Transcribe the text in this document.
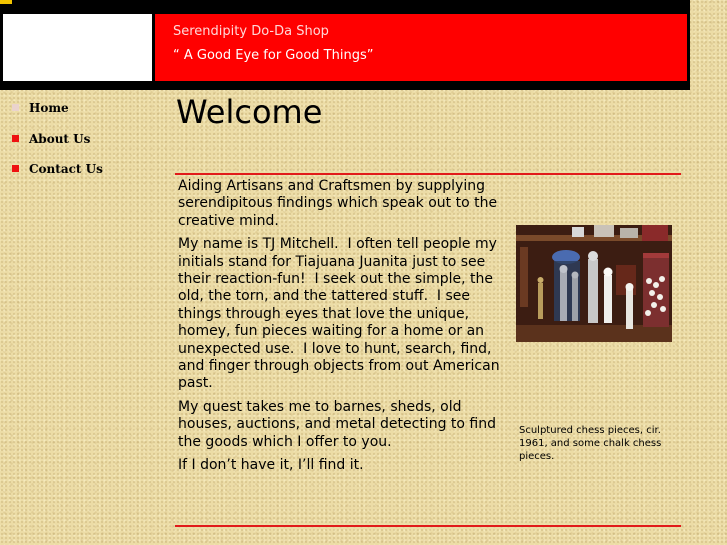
Serendipity Do-Da Shop
“ A Good Eye for Good Things”
Home
About Us
Contact Us
Welcome

Aiding Artisans and Craftsmen by supplying serendipitous findings which speak out to the creative mind.

My name is TJ Mitchell.  I often tell people my initials stand for Tiajuana Juanita just to see their reaction-fun!  I seek out the simple, the old, the torn, and the tattered stuff.  I see things through eyes that love the unique, homey, fun pieces waiting for a home or an unexpected use.  I love to hunt, search, find, and finger through objects from out American past.

My quest takes me to barnes, sheds, old houses, auctions, and metal detecting to find the goods which I offer to you.

If I don’t have it, I’ll find it.

Sculptured chess pieces, cir. 1961, and some chalk chess pieces.
